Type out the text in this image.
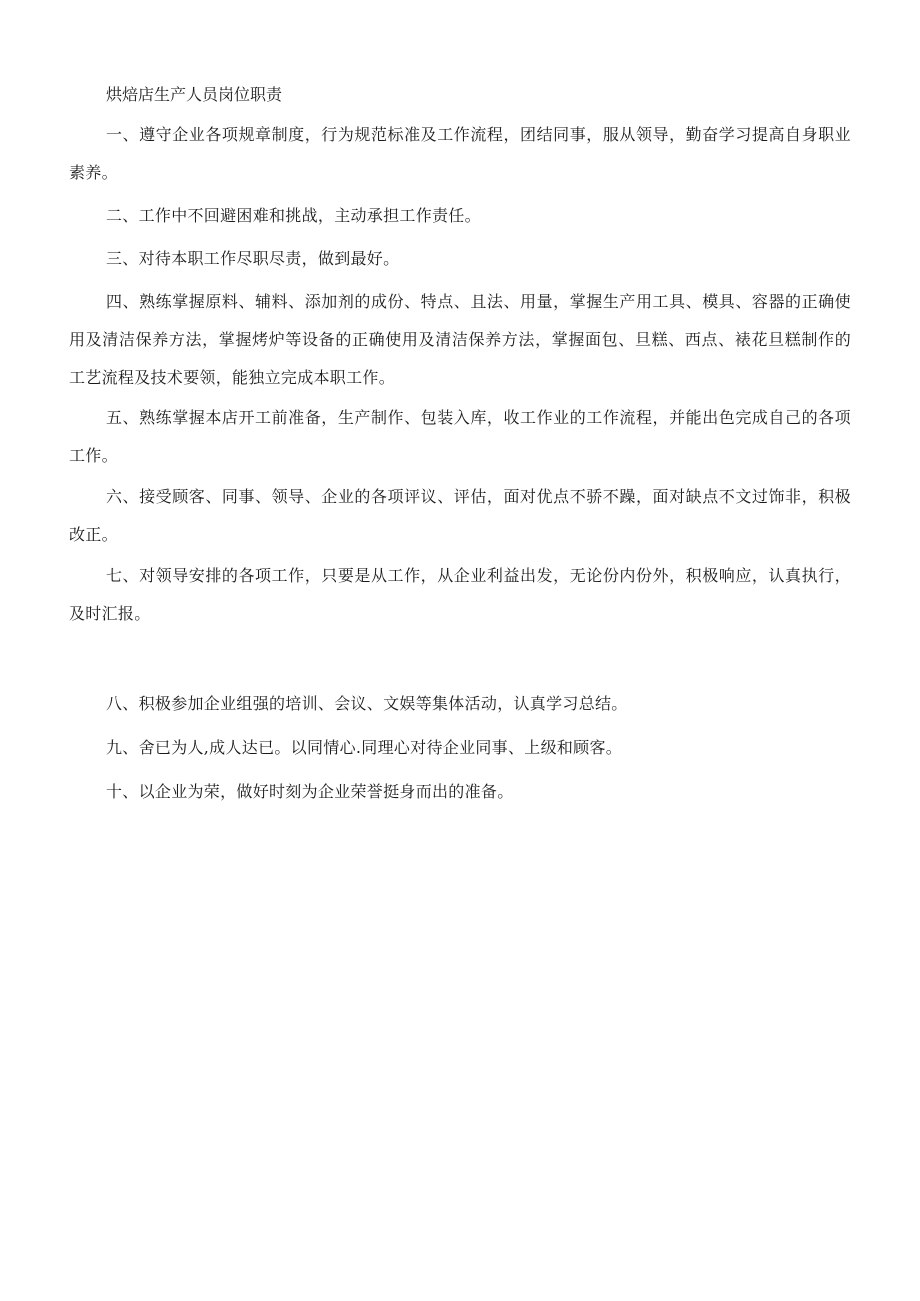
烘焙店生产人员岗位职责

一、遵守企业各项规章制度，行为规范标准及工作流程，团结同事，服从领导，勤奋学习提高自身职业素养。

二、工作中不回避困难和挑战，主动承担工作责任。

三、对待本职工作尽职尽责，做到最好。

四、熟练掌握原料、辅料、添加剂的成份、特点、且法、用量，掌握生产用工具、模具、容器的正确使用及清洁保养方法，掌握烤炉等设备的正确使用及清洁保养方法，掌握面包、旦糕、西点、裱花旦糕制作的工艺流程及技术要领，能独立完成本职工作。

五、熟练掌握本店开工前准备，生产制作、包装入库，收工作业的工作流程，并能出色完成自己的各项工作。

六、接受顾客、同事、领导、企业的各项评议、评估，面对优点不骄不躁，面对缺点不文过饰非，积极改正。

七、对领导安排的各项工作，只要是从工作，从企业利益出发，无论份内份外，积极响应，认真执行，及时汇报。

八、积极参加企业组强的培训、会议、文娱等集体活动，认真学习总结。

九、舍已为人,成人达已。以同情心.同理心对待企业同事、上级和顾客。

十、以企业为荣，做好时刻为企业荣誉挺身而出的准备。
